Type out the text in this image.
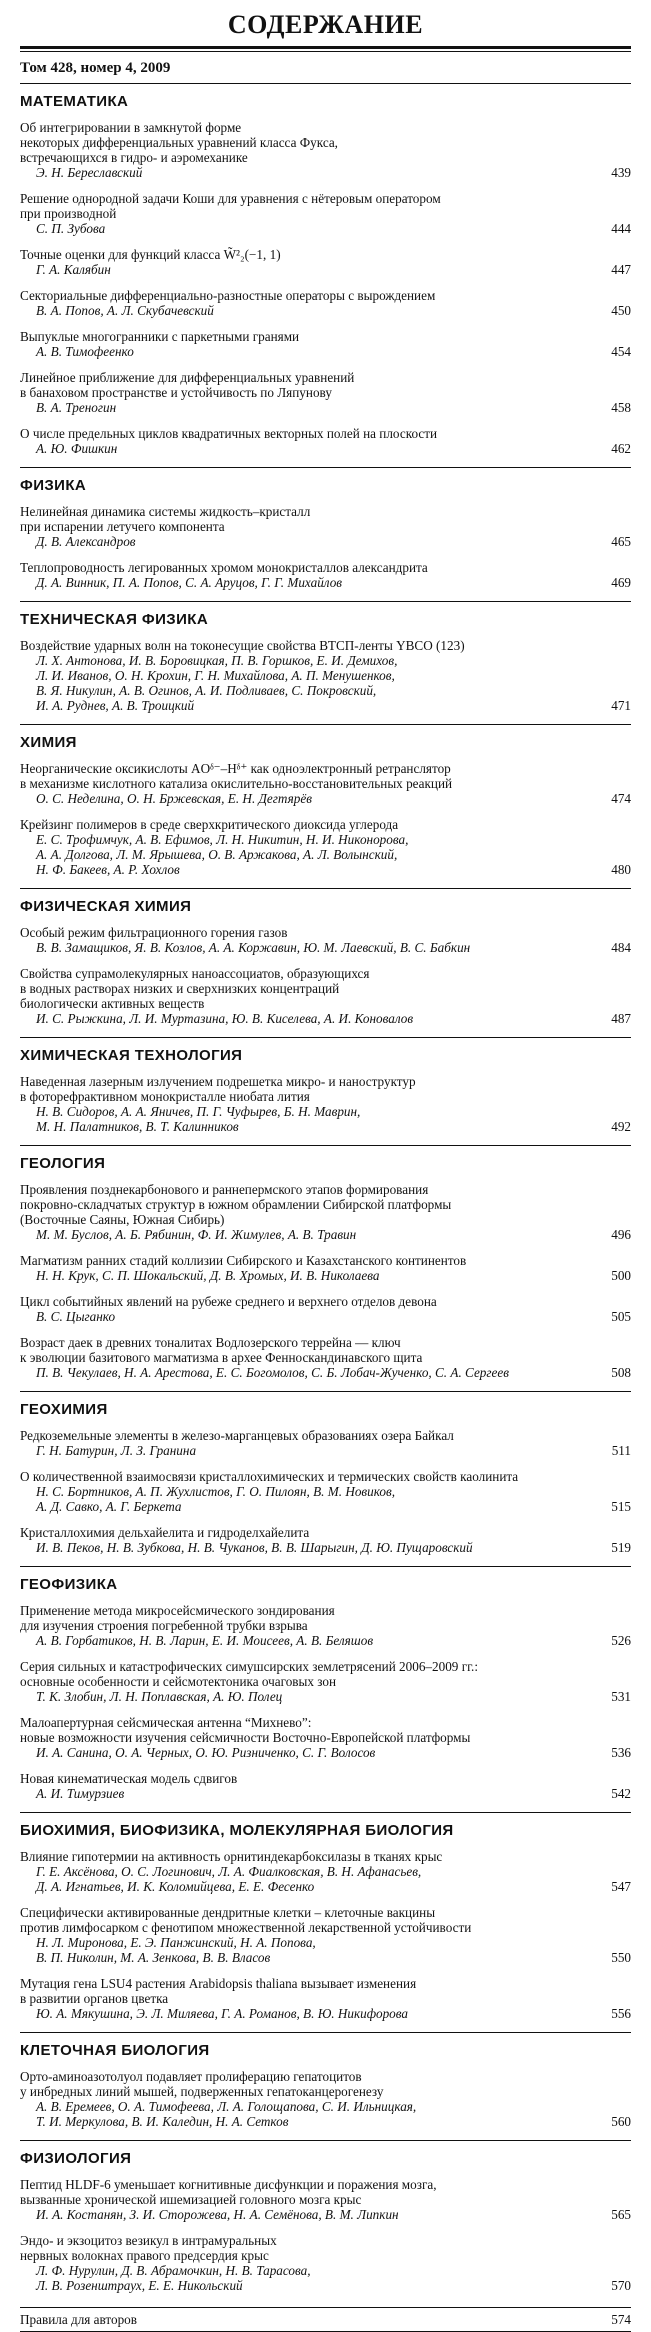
СОДЕРЖАНИЕ
Том 428, номер 4, 2009
МАТЕМАТИКА
Об интегрировании в замкнутой форме
некоторых дифференциальных уравнений класса Фукса,
встречающихся в гидро- и аэромеханике
Э. Н. Береславский	439
Решение однородной задачи Коши для уравнения с нётеровым оператором
при производной
С. П. Зубова	444
Точные оценки для функций класса W̃²₂(−1, 1)
Г. А. Калябин	447
Секториальные дифференциально-разностные операторы с вырождением
В. А. Попов, А. Л. Скубачевский	450
Выпуклые многогранники с паркетными гранями
А. В. Тимофеенко	454
Линейное приближение для дифференциальных уравнений
в банаховом пространстве и устойчивость по Ляпунову
В. А. Треногин	458
О числе предельных циклов квадратичных векторных полей на плоскости
А. Ю. Фишкин	462
ФИЗИКА
Нелинейная динамика системы жидкость–кристалл
при испарении летучего компонента
Д. В. Александров	465
Теплопроводность легированных хромом монокристаллов александрита
Д. А. Винник, П. А. Попов, С. А. Аруцов, Г. Г. Михайлов	469
ТЕХНИЧЕСКАЯ ФИЗИКА
Воздействие ударных волн на токонесущие свойства ВТСП-ленты YBCO (123)
Л. Х. Антонова, И. В. Боровицкая, П. В. Горшков, Е. И. Демихов,
Л. И. Иванов, О. Н. Крохин, Г. Н. Михайлова, А. П. Менушенков,
В. Я. Никулин, А. В. Огинов, А. И. Подливаев, С. Покровский,
И. А. Руднев, А. В. Троицкий	471
ХИМИЯ
Неорганические оксикислоты AOᵟ⁻–Hᵟ⁺ как одноэлектронный ретранслятор
в механизме кислотного катализа окислительно-восстановительных реакций
О. С. Неделина, О. Н. Бржевская, Е. Н. Дегтярёв	474
Крейзинг полимеров в среде сверхкритического диоксида углерода
Е. С. Трофимчук, А. В. Ефимов, Л. Н. Никитин, Н. И. Никонорова,
А. А. Долгова, Л. М. Ярышева, О. В. Аржакова, А. Л. Волынский,
Н. Ф. Бакеев, А. Р. Хохлов	480
ФИЗИЧЕСКАЯ ХИМИЯ
Особый режим фильтрационного горения газов
В. В. Замащиков, Я. В. Козлов, А. А. Коржавин, Ю. М. Лаевский, В. С. Бабкин	484
Свойства супрамолекулярных наноассоциатов, образующихся
в водных растворах низких и сверхнизких концентраций
биологически активных веществ
И. С. Рыжкина, Л. И. Муртазина, Ю. В. Киселева, А. И. Коновалов	487
ХИМИЧЕСКАЯ ТЕХНОЛОГИЯ
Наведенная лазерным излучением подрешетка микро- и наноструктур
в фоторефрактивном монокристалле ниобата лития
Н. В. Сидоров, А. А. Яничев, П. Г. Чуфырев, Б. Н. Маврин,
М. Н. Палатников, В. Т. Калинников	492
ГЕОЛОГИЯ
Проявления позднекарбонового и раннепермского этапов формирования
покровно-складчатых структур в южном обрамлении Сибирской платформы
(Восточные Саяны, Южная Сибирь)
М. М. Буслов, А. Б. Рябинин, Ф. И. Жимулев, А. В. Травин	496
Магматизм ранних стадий коллизии Сибирского и Казахстанского континентов
Н. Н. Крук, С. П. Шокальский, Д. В. Хромых, И. В. Николаева	500
Цикл событийных явлений на рубеже среднего и верхнего отделов девона
В. С. Цыганко	505
Возраст даек в древних тоналитах Водлозерского террейна — ключ
к эволюции базитового магматизма в архее Фенноскандинавского щита
П. В. Чекулаев, Н. А. Арестова, Е. С. Богомолов, С. Б. Лобач-Жученко, С. А. Сергеев	508
ГЕОХИМИЯ
Редкоземельные элементы в железо-марганцевых образованиях озера Байкал
Г. Н. Батурин, Л. З. Гранина	511
О количественной взаимосвязи кристаллохимических и термических свойств каолинита
Н. С. Бортников, А. П. Жухлистов, Г. О. Пилоян, В. М. Новиков,
А. Д. Савко, А. Г. Беркета	515
Кристаллохимия дельхайелита и гидроделхайелита
И. В. Пеков, Н. В. Зубкова, Н. В. Чуканов, В. В. Шарыгин, Д. Ю. Пущаровский	519
ГЕОФИЗИКА
Применение метода микросейсмического зондирования
для изучения строения погребенной трубки взрыва
А. В. Горбатиков, Н. В. Ларин, Е. И. Моисеев, А. В. Беляшов	526
Серия сильных и катастрофических симушсирских землетрясений 2006–2009 гг.:
основные особенности и сейсмотектоника очаговых зон
Т. К. Злобин, Л. Н. Поплавская, А. Ю. Полец	531
Малоапертурная сейсмическая антенна “Михнево”:
новые возможности изучения сейсмичности Восточно-Европейской платформы
И. А. Санина, О. А. Черных, О. Ю. Ризниченко, С. Г. Волосов	536
Новая кинематическая модель сдвигов
А. И. Тимурзиев	542
БИОХИМИЯ, БИОФИЗИКА, МОЛЕКУЛЯРНАЯ БИОЛОГИЯ
Влияние гипотермии на активность орнитиндекарбоксилазы в тканях крыс
Г. Е. Аксёнова, О. С. Логинович, Л. А. Фиалковская, В. Н. Афанасьев,
Д. А. Игнатьев, И. К. Коломийцева, Е. Е. Фесенко	547
Специфически активированные дендритные клетки – клеточные вакцины
против лимфосарком с фенотипом множественной лекарственной устойчивости
Н. Л. Миронова, Е. Э. Панжинский, Н. А. Попова,
В. П. Николин, М. А. Зенкова, В. В. Власов	550
Мутация гена LSU4 растения Arabidopsis thaliana вызывает изменения
в развитии органов цветка
Ю. А. Мякушина, Э. Л. Миляева, Г. А. Романов, В. Ю. Никифорова	556
КЛЕТОЧНАЯ БИОЛОГИЯ
Орто-аминоазотолуол подавляет пролиферацию гепатоцитов
у инбредных линий мышей, подверженных гепатоканцерогенезу
А. В. Еремеев, О. А. Тимофеева, Л. А. Голощапова, С. И. Ильницкая,
Т. И. Меркулова, В. И. Каледин, Н. А. Сетков	560
ФИЗИОЛОГИЯ
Пептид HLDF-6 уменьшает когнитивные дисфункции и поражения мозга,
вызванные хронической ишемизацией головного мозга крыс
И. А. Костанян, З. И. Сторожева, Н. А. Семёнова, В. М. Липкин	565
Эндо- и экзоцитоз везикул в интрамуральных
нервных волокнах правого предсердия крыс
Л. Ф. Нурулин, Д. В. Абрамочкин, Н. В. Тарасова,
Л. В. Розенштраух, Е. Е. Никольский	570
Правила для авторов	574
